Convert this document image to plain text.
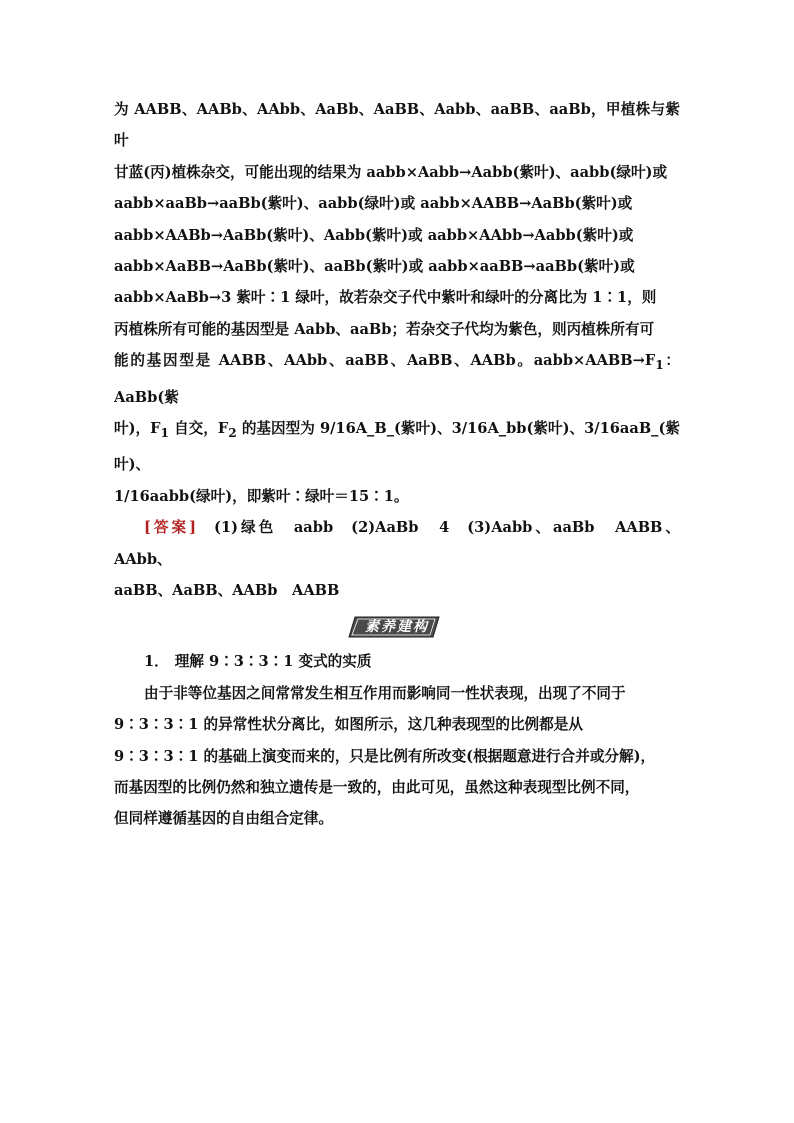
为 AABB、AABb、AAbb、AaBb、AaBB、Aabb、aaBB、aaBb，甲植株与紫叶

甘蓝(丙)植株杂交，可能出现的结果为 aabb×Aabb→Aabb(紫叶)、aabb(绿叶)或

aabb×aaBb→aaBb(紫叶)、aabb(绿叶)或 aabb×AABB→AaBb(紫叶)或

aabb×AABb→AaBb(紫叶)、Aabb(紫叶)或 aabb×AAbb→Aabb(紫叶)或

aabb×AaBB→AaBb(紫叶)、aaBb(紫叶)或 aabb×aaBB→aaBb(紫叶)或

aabb×AaBb→3 紫叶∶1 绿叶，故若杂交子代中紫叶和绿叶的分离比为 1∶1，则

丙植株所有可能的基因型是 Aabb、aaBb；若杂交子代均为紫色，则丙植株所有可

能的基因型是 AABB、AAbb、aaBB、AaBB、AABb。$aabb\times AABB\to F_1$：AaBb(紫

叶)，$F_1$ 自交，$F_2$ 的基因型为 9/16A_B_(紫叶)、3/16A_bb(紫叶)、3/16aaB_(紫叶)、

1/16aabb(绿叶)，即紫叶∶绿叶＝15∶1。

[答案] (1)绿色　aabb (2)AaBb　4 (3)Aabb、aaBb　AABB、AAbb、

aaBB、AaBB、AABb　AABB

素养建构

1． 理解 9∶3∶3∶1 变式的实质

由于非等位基因之间常常发生相互作用而影响同一性状表现，出现了不同于

9∶3∶3∶1 的异常性状分离比，如图所示，这几种表现型的比例都是从

9∶3∶3∶1 的基础上演变而来的，只是比例有所改变(根据题意进行合并或分解)，

而基因型的比例仍然和独立遗传是一致的，由此可见，虽然这种表现型比例不同，

但同样遵循基因的自由组合定律。
